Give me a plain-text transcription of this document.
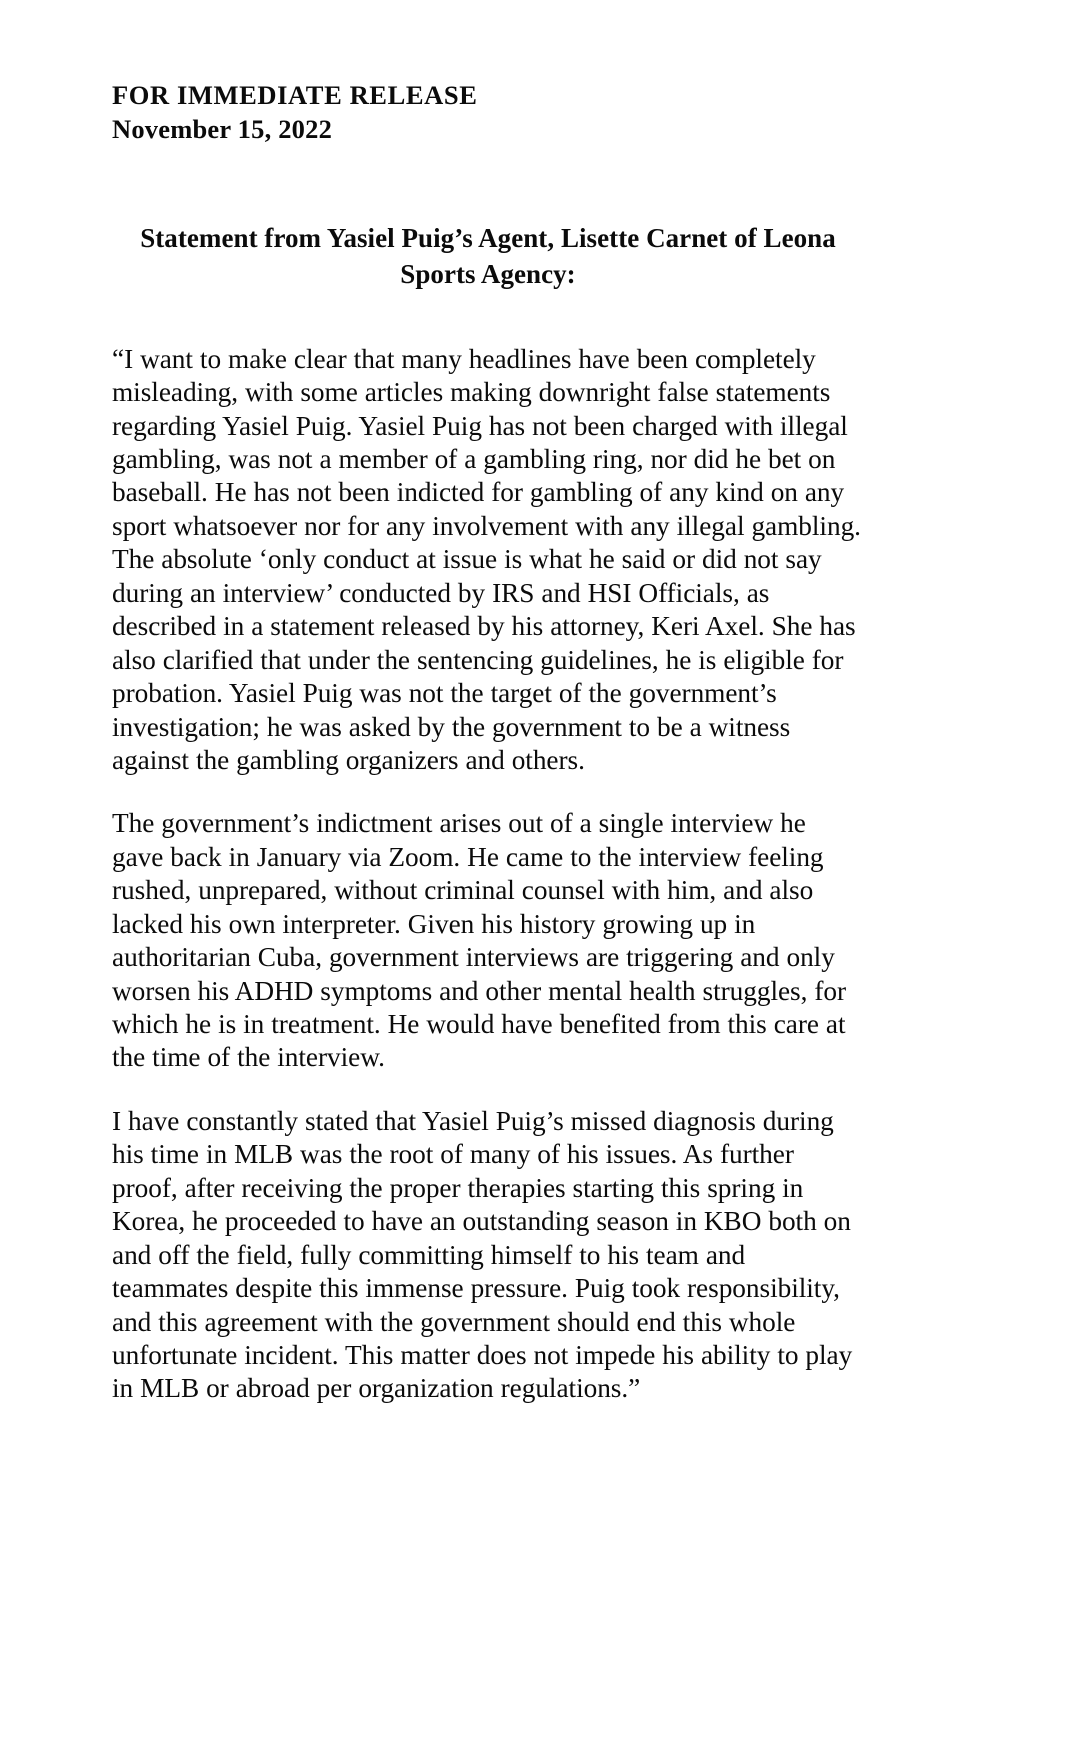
FOR IMMEDIATE RELEASE
November 15, 2022
Statement from Yasiel Puig’s Agent, Lisette Carnet of Leona Sports Agency:

“I want to make clear that many headlines have been completely misleading, with some articles making downright false statements regarding Yasiel Puig. Yasiel Puig has not been charged with illegal gambling, was not a member of a gambling ring, nor did he bet on baseball. He has not been indicted for gambling of any kind on any sport whatsoever nor for any involvement with any illegal gambling. The absolute ‘only conduct at issue is what he said or did not say during an interview’ conducted by IRS and HSI Officials, as described in a statement released by his attorney, Keri Axel. She has also clarified that under the sentencing guidelines, he is eligible for probation. Yasiel Puig was not the target of the government’s investigation; he was asked by the government to be a witness against the gambling organizers and others.

The government’s indictment arises out of a single interview he gave back in January via Zoom. He came to the interview feeling rushed, unprepared, without criminal counsel with him, and also lacked his own interpreter. Given his history growing up in authoritarian Cuba, government interviews are triggering and only worsen his ADHD symptoms and other mental health struggles, for which he is in treatment. He would have benefited from this care at the time of the interview.

I have constantly stated that Yasiel Puig’s missed diagnosis during his time in MLB was the root of many of his issues. As further proof, after receiving the proper therapies starting this spring in Korea, he proceeded to have an outstanding season in KBO both on and off the field, fully committing himself to his team and teammates despite this immense pressure. Puig took responsibility, and this agreement with the government should end this whole unfortunate incident. This matter does not impede his ability to play in MLB or abroad per organization regulations.”
